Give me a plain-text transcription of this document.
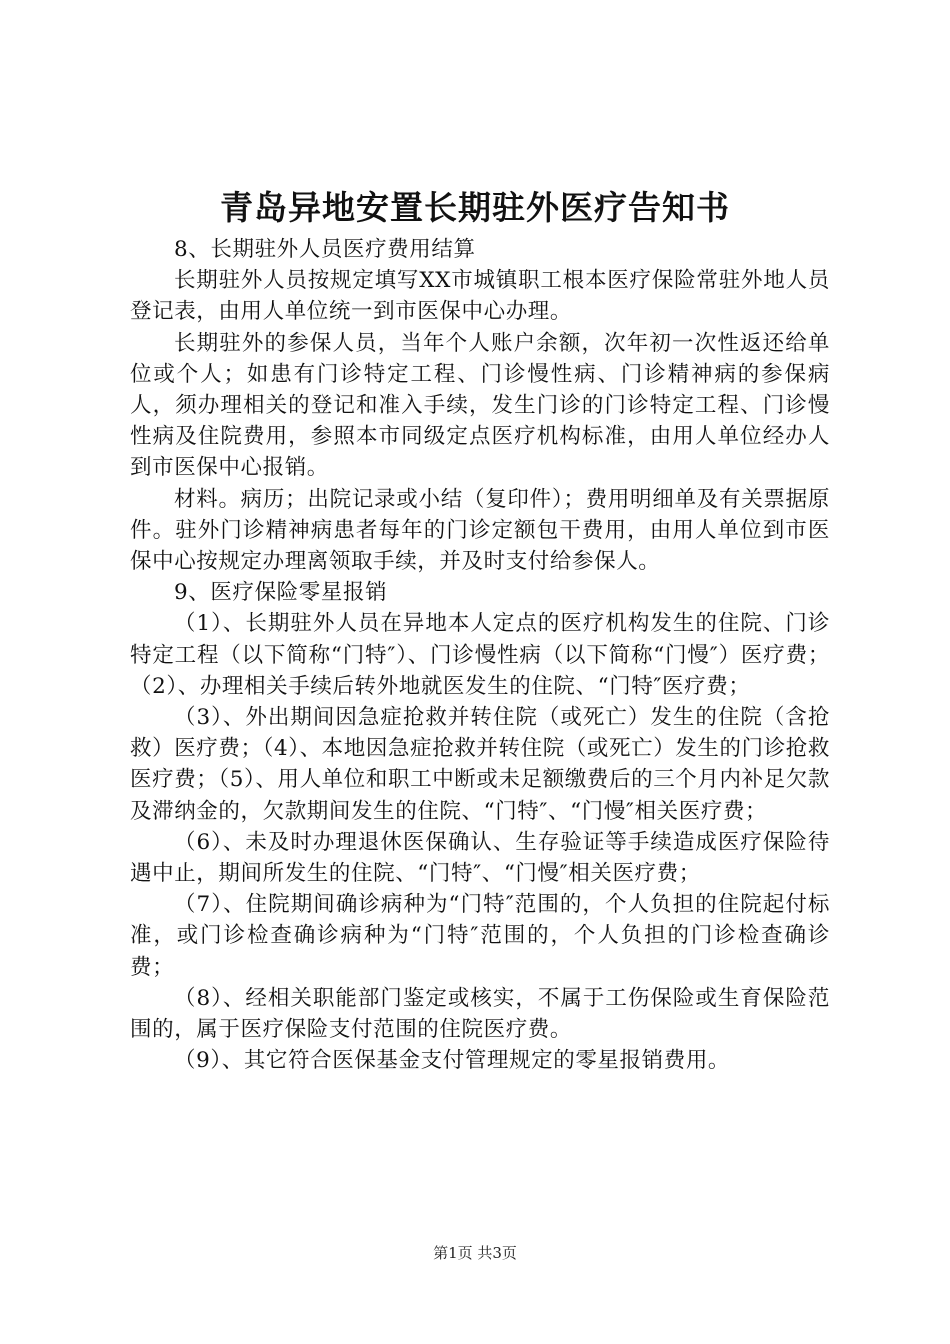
青岛异地安置长期驻外医疗告知书

8、长期驻外人员医疗费用结算

长期驻外人员按规定填写XX市城镇职工根本医疗保险常驻外地人员登记表，由用人单位统一到市医保中心办理。

长期驻外的参保人员，当年个人账户余额，次年初一次性返还给单位或个人；如患有门诊特定工程、门诊慢性病、门诊精神病的参保病人，须办理相关的登记和准入手续，发生门诊的门诊特定工程、门诊慢性病及住院费用，参照本市同级定点医疗机构标准，由用人单位经办人到市医保中心报销。

材料。病历；出院记录或小结（复印件）；费用明细单及有关票据原件。驻外门诊精神病患者每年的门诊定额包干费用，由用人单位到市医保中心按规定办理离领取手续，并及时支付给参保人。

9、医疗保险零星报销

（1）、长期驻外人员在异地本人定点的医疗机构发生的住院、门诊特定工程（以下简称“门特″）、门诊慢性病（以下简称“门慢″）医疗费；（2）、办理相关手续后转外地就医发生的住院、“门特″医疗费；

（3）、外出期间因急症抢救并转住院（或死亡）发生的住院（含抢救）医疗费；（4）、本地因急症抢救并转住院（或死亡）发生的门诊抢救医疗费；（5）、用人单位和职工中断或未足额缴费后的三个月内补足欠款及滞纳金的，欠款期间发生的住院、“门特″、“门慢″相关医疗费；

（6）、未及时办理退休医保确认、生存验证等手续造成医疗保险待遇中止，期间所发生的住院、“门特″、“门慢″相关医疗费；

（7）、住院期间确诊病种为“门特″范围的，个人负担的住院起付标准，或门诊检查确诊病种为“门特″范围的，个人负担的门诊检查确诊费；

（8）、经相关职能部门鉴定或核实，不属于工伤保险或生育保险范围的，属于医疗保险支付范围的住院医疗费。

（9）、其它符合医保基金支付管理规定的零星报销费用。

第1页 共3页
